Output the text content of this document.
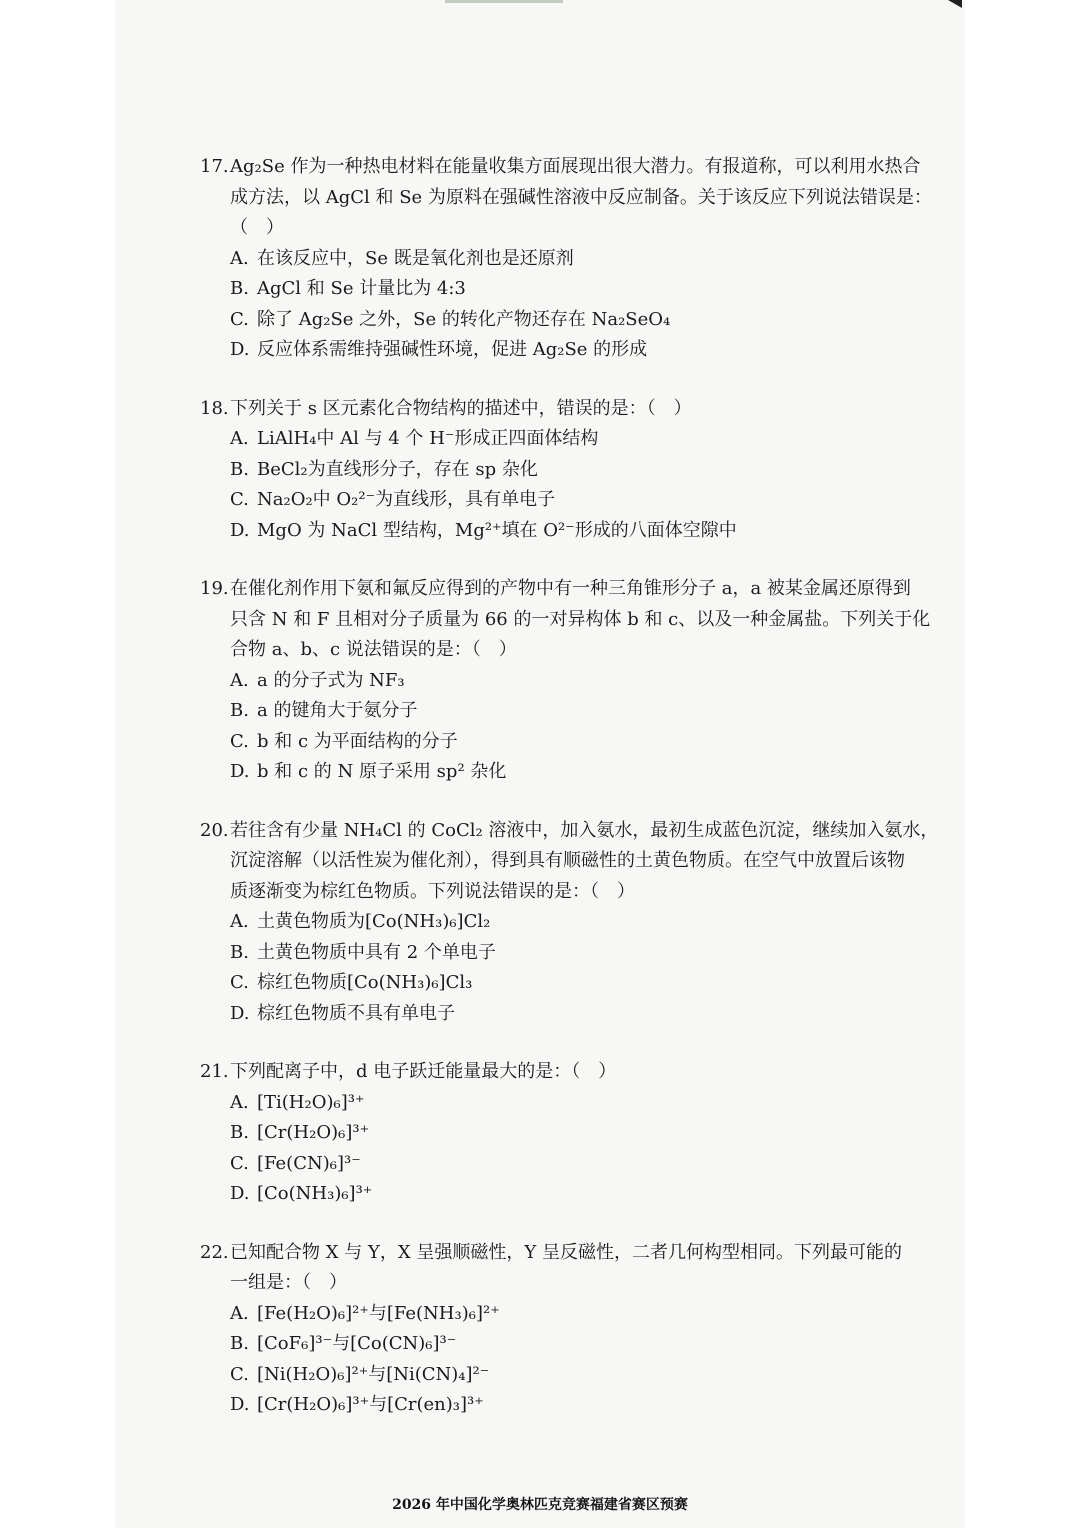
17. Ag₂Se 作为一种热电材料在能量收集方面展现出很大潜力。有报道称，可以利用水热合
成方法，以 AgCl 和 Se 为原料在强碱性溶液中反应制备。关于该反应下列说法错误是：
（　）
A. 在该反应中，Se 既是氧化剂也是还原剂
B. AgCl 和 Se 计量比为 4:3
C. 除了 Ag₂Se 之外，Se 的转化产物还存在 Na₂SeO₄
D. 反应体系需维持强碱性环境，促进 Ag₂Se 的形成
18. 下列关于 s 区元素化合物结构的描述中，错误的是：（　）
A. LiAlH₄中 Al 与 4 个 H⁻形成正四面体结构
B. BeCl₂为直线形分子，存在 sp 杂化
C. Na₂O₂中 O₂²⁻为直线形，具有单电子
D. MgO 为 NaCl 型结构，Mg²⁺填在 O²⁻形成的八面体空隙中
19. 在催化剂作用下氨和氟反应得到的产物中有一种三角锥形分子 a，a 被某金属还原得到
只含 N 和 F 且相对分子质量为 66 的一对异构体 b 和 c、以及一种金属盐。下列关于化
合物 a、b、c 说法错误的是：（　）
A. a 的分子式为 NF₃
B. a 的键角大于氨分子
C. b 和 c 为平面结构的分子
D. b 和 c 的 N 原子采用 sp² 杂化
20. 若往含有少量 NH₄Cl 的 CoCl₂ 溶液中，加入氨水，最初生成蓝色沉淀，继续加入氨水，
沉淀溶解（以活性炭为催化剂），得到具有顺磁性的土黄色物质。在空气中放置后该物
质逐渐变为棕红色物质。下列说法错误的是：（　）
A. 土黄色物质为[Co(NH₃)₆]Cl₂
B. 土黄色物质中具有 2 个单电子
C. 棕红色物质[Co(NH₃)₆]Cl₃
D. 棕红色物质不具有单电子
21. 下列配离子中，d 电子跃迁能量最大的是：（　）
A. [Ti(H₂O)₆]³⁺
B. [Cr(H₂O)₆]³⁺
C. [Fe(CN)₆]³⁻
D. [Co(NH₃)₆]³⁺
22. 已知配合物 X 与 Y，X 呈强顺磁性，Y 呈反磁性，二者几何构型相同。下列最可能的
一组是：（　）
A. [Fe(H₂O)₆]²⁺与[Fe(NH₃)₆]²⁺
B. [CoF₆]³⁻与[Co(CN)₆]³⁻
C. [Ni(H₂O)₆]²⁺与[Ni(CN)₄]²⁻
D. [Cr(H₂O)₆]³⁺与[Cr(en)₃]³⁺
2026 年中国化学奥林匹克竞赛福建省赛区预赛
